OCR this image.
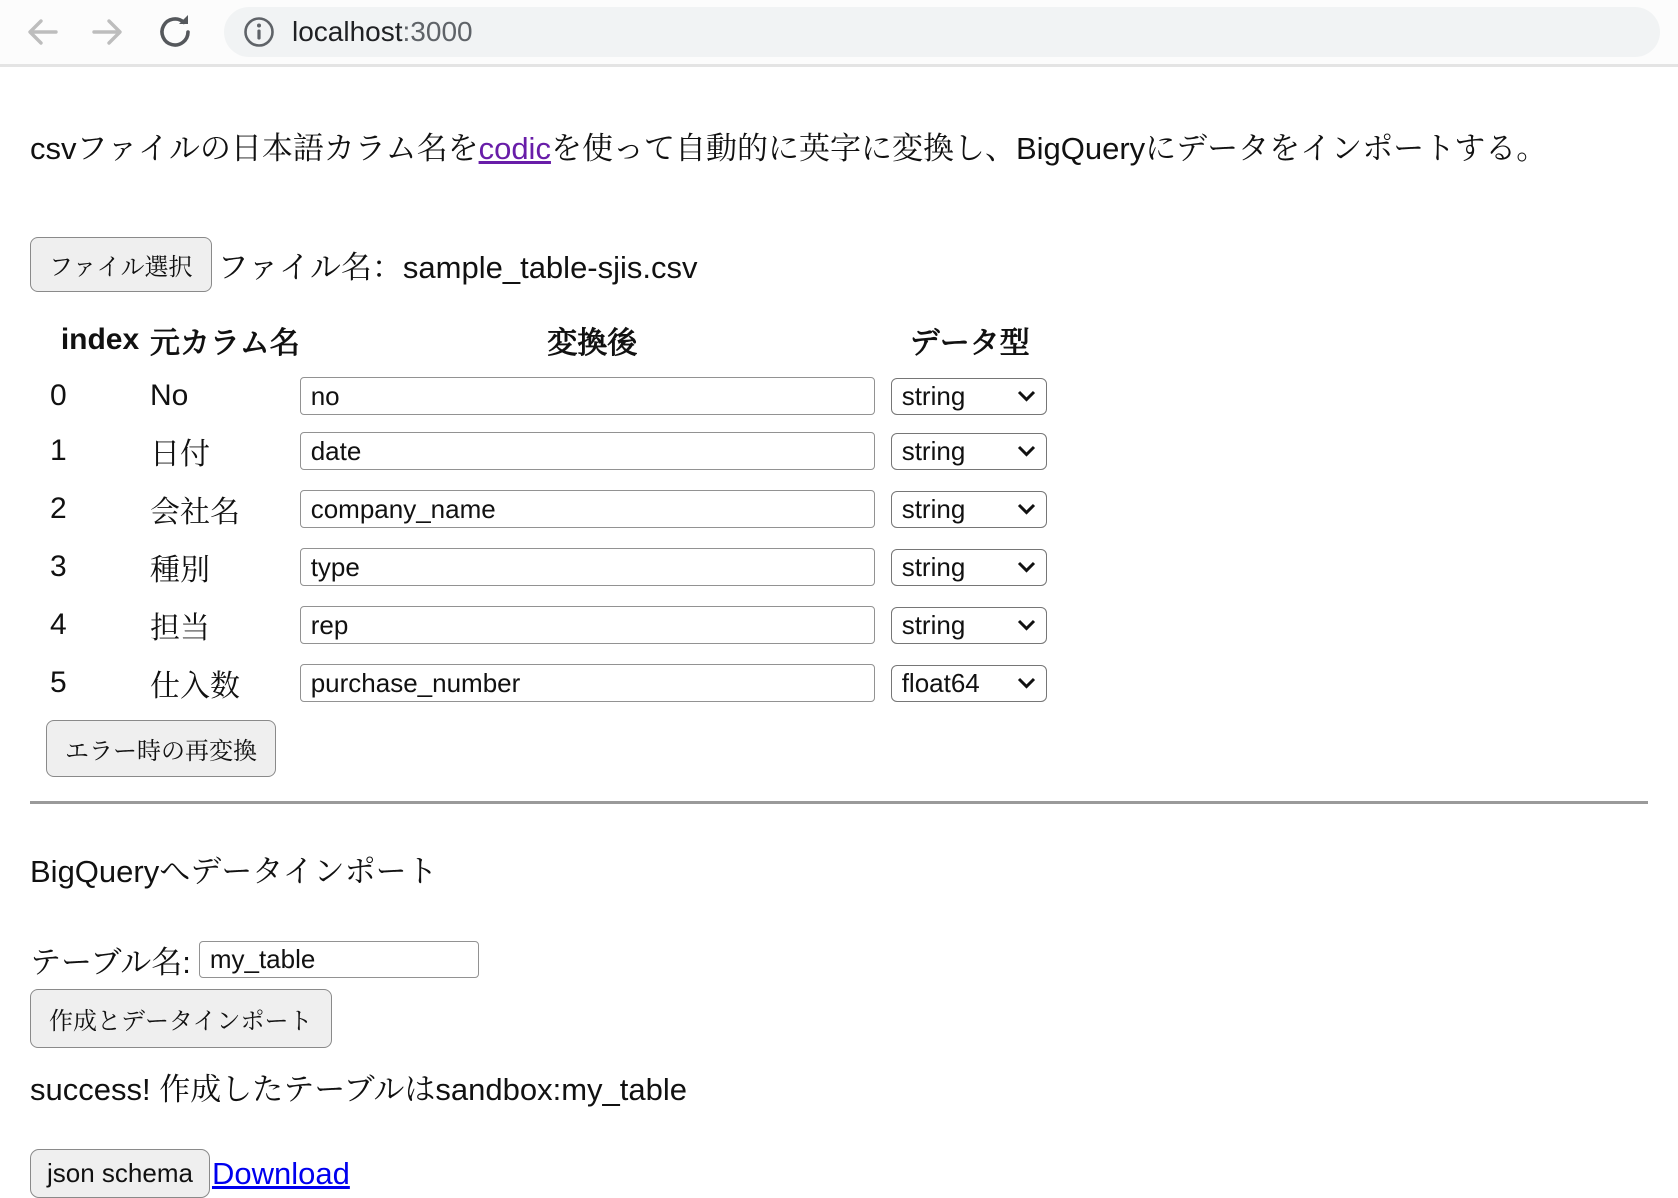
localhost :3000

csvファイルの日本語カラム名をcodicを使って自動的に英字に変換し、BigQueryにデータをインポートする。

ファイル選択 ファイル名：sample_table-sjis.csv
index	元カラム名	変換後	データ型
0	No	no	string

1	日付	date	string

2	会社名	company_name	string

3	種別	type	string

4	担当	rep	string

5	仕入数	purchase_number	float64
エラー時の再変換

BigQueryへデータインポート

テーブル名:
my_table
作成とデータインポート

success! 作成したテーブルはsandbox:my_table

json schema Download
